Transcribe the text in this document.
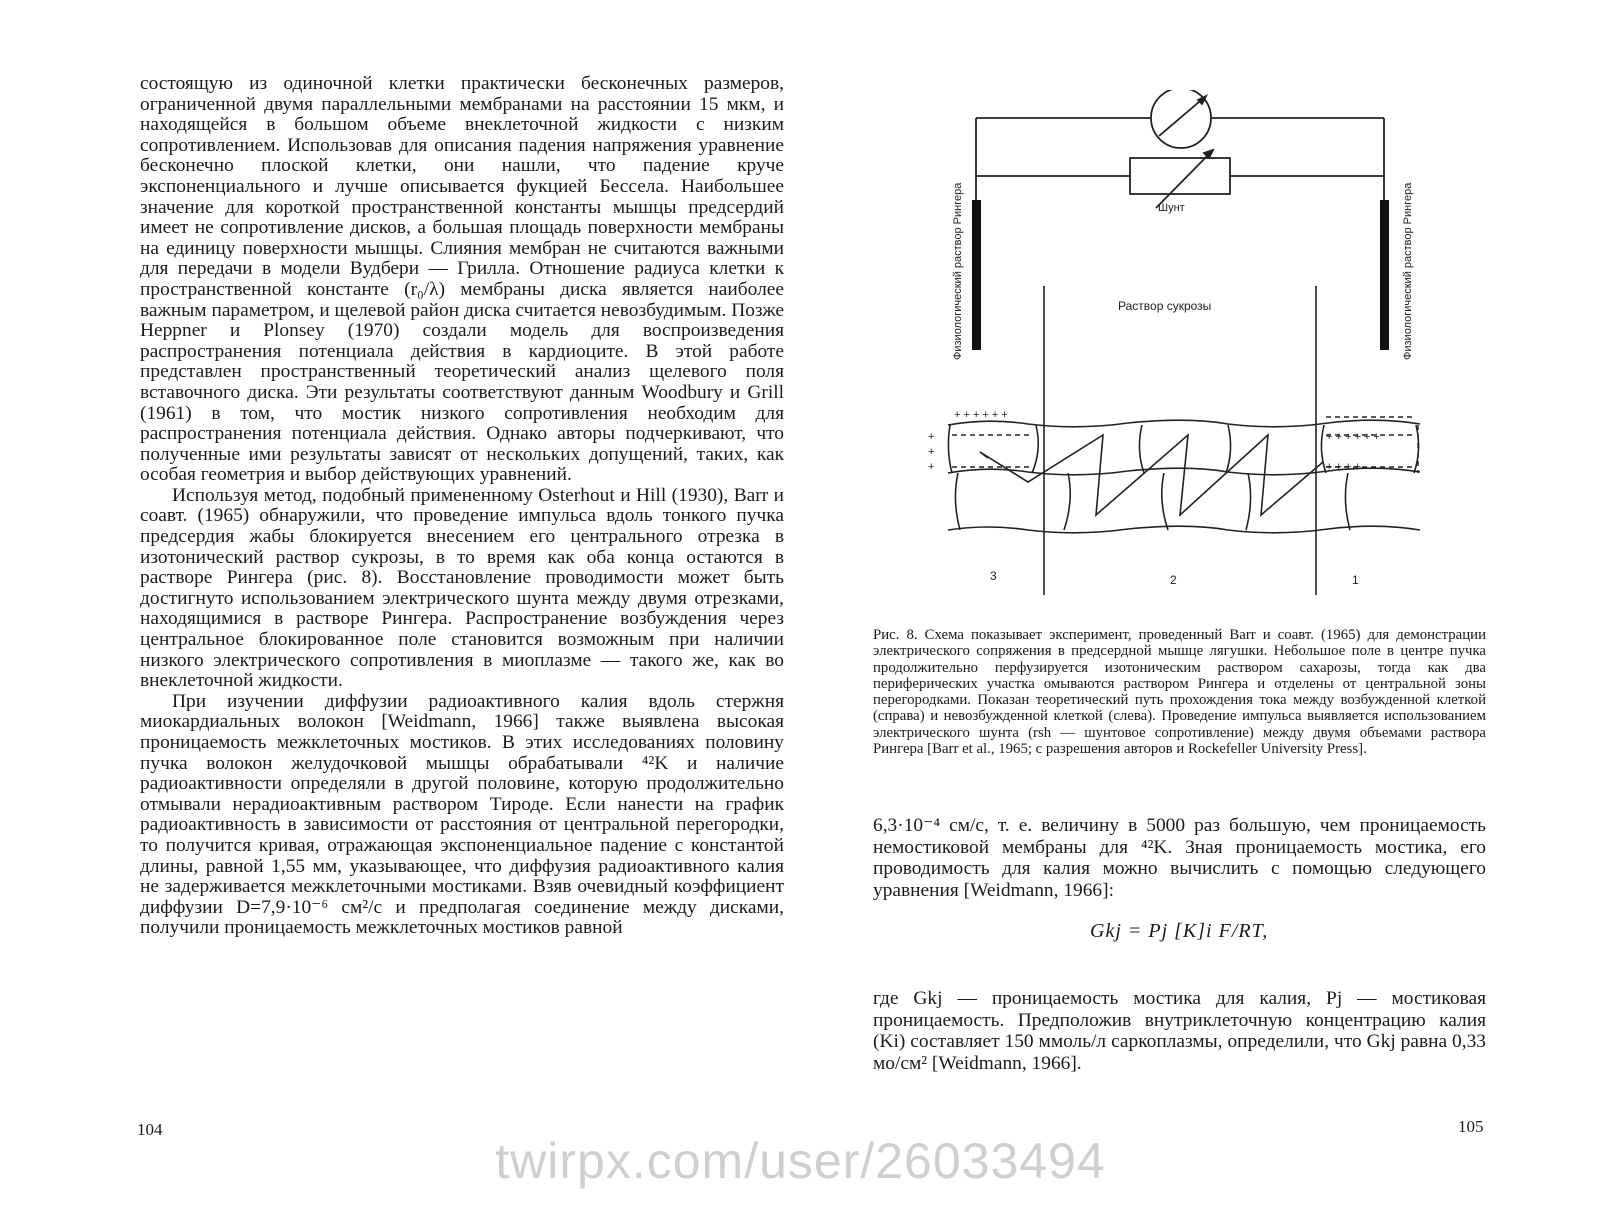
состоящую из одиночной клетки практически бесконечных размеров, ограниченной двумя параллельными мембранами на расстоянии 15 мкм, и находящейся в большом объеме внеклеточной жидкости с низким сопротивлением. Использовав для описания падения напряжения уравнение бесконечно плоской клетки, они нашли, что падение круче экспоненциального и лучше описывается фукцией Бессела. Наибольшее значение для короткой пространственной константы мышцы предсердий имеет не сопротивление дисков, а большая площадь поверхности мембраны на единицу поверхности мышцы. Слияния мембран не считаются важными для передачи в модели Вудбери — Грилла. Отношение радиуса клетки к пространственной константе (r₀/λ) мембраны диска является наиболее важным параметром, и щелевой район диска считается невозбудимым. Позже Heppner и Plonsey (1970) создали модель для воспроизведения распространения потенциала действия в кардиоците. В этой работе представлен пространственный теоретический анализ щелевого поля вставочного диска. Эти результаты соответствуют данным Woodbury и Grill (1961) в том, что мостик низкого сопротивления необходим для распространения потенциала действия. Однако авторы подчеркивают, что полученные ими результаты зависят от нескольких допущений, таких, как особая геометрия и выбор действующих уравнений.

Используя метод, подобный примененному Osterhout и Hill (1930), Barr и соавт. (1965) обнаружили, что проведение импульса вдоль тонкого пучка предсердия жабы блокируется внесением его центрального отрезка в изотонический раствор сукрозы, в то время как оба конца остаются в растворе Рингера (рис. 8). Восстановление проводимости может быть достигнуто использованием электрического шунта между двумя отрезками, находящимися в растворе Рингера. Распространение возбуждения через центральное блокированное поле становится возможным при наличии низкого электрического сопротивления в миоплазме — такого же, как во внеклеточной жидкости.

При изучении диффузии радиоактивного калия вдоль стержня миокардиальных волокон [Weidmann, 1966] также выявлена высокая проницаемость межклеточных мостиков. В этих исследованиях половину пучка волокон желудочковой мышцы обрабатывали ⁴²K и наличие радиоактивности определяли в другой половине, которую продолжительно отмывали нерадиоактивным раствором Тироде. Если нанести на график радиоактивность в зависимости от расстояния от центральной перегородки, то получится кривая, отражающая экспоненциальное падение с константой длины, равной 1,55 мм, указывающее, что диффузия радиоактивного калия не задерживается межклеточными мостиками. Взяв очевидный коэффициент диффузии D=7,9·10⁻⁶ см²/с и предполагая соединение между дисками, получили проницаемость межклеточных мостиков равной

104
Шунт
Раствор сукрозы
Физиологический раствор Рингера	Физиологический раствор Рингера
+ + + + + +
+
+
+
+ + + + + +
+ + + +
3	2	1

Рис. 8. Схема показывает эксперимент, проведенный Barr и соавт. (1965) для демонстрации электрического сопряжения в предсердной мышце лягушки. Небольшое поле в центре пучка продолжительно перфузируется изотоническим раствором сахарозы, тогда как два периферических участка омываются раствором Рингера и отделены от центральной зоны перегородками. Показан теоретический путь прохождения тока между возбужденной клеткой (справа) и невозбужденной клеткой (слева). Проведение импульса выявляется использованием электрического шунта (rsh — шунтовое сопротивление) между двумя объемами раствора Рингера [Barr et al., 1965; с разрешения авторов и Rockefeller University Press].

6,3·10⁻⁴ см/с, т. е. величину в 5000 раз большую, чем проницаемость немостиковой мембраны для ⁴²K. Зная проницаемость мостика, его проводимость для калия можно вычислить с помощью следующего уравнения [Weidmann, 1966]:

Gkj = Pj [K]i F/RT,

где Gkj — проницаемость мостика для калия, Pj — мостиковая проницаемость. Предположив внутриклеточную концентрацию калия (Ki) составляет 150 ммоль/л саркоплазмы, определили, что Gkj равна 0,33 мо/см² [Weidmann, 1966].

105
twirpx.com/user/26033494
